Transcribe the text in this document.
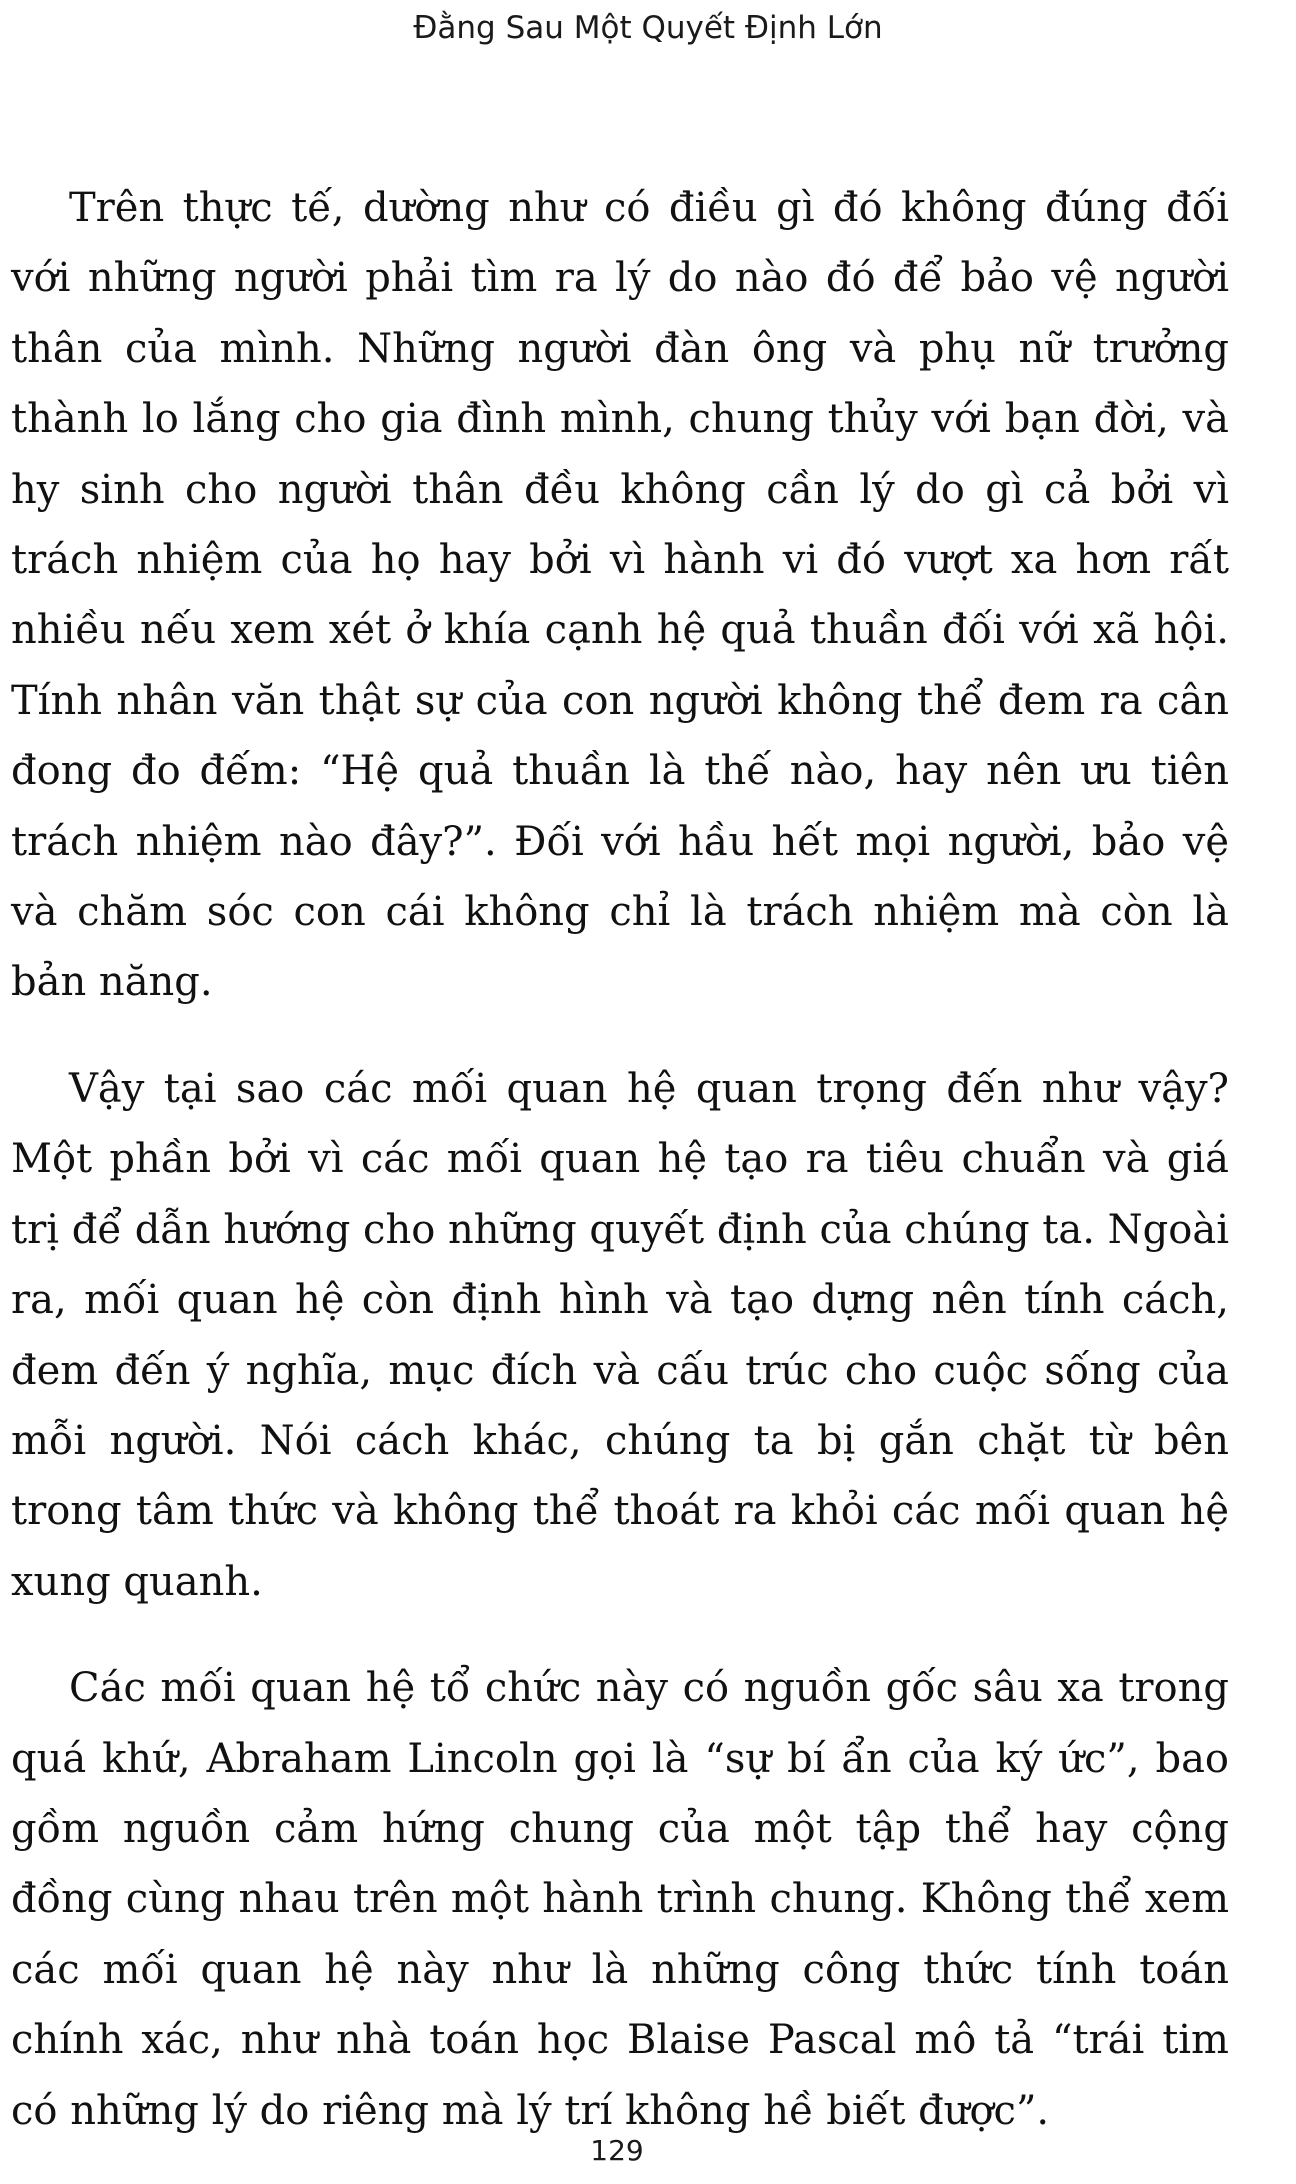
Đằng Sau Một Quyết Định Lớn

Trên thực tế, dường như có điều gì đó không đúng đối với những người phải tìm ra lý do nào đó để bảo vệ người thân của mình. Những người đàn ông và phụ nữ trưởng thành lo lắng cho gia đình mình, chung thủy với bạn đời, và hy sinh cho người thân đều không cần lý do gì cả bởi vì trách nhiệm của họ hay bởi vì hành vi đó vượt xa hơn rất nhiều nếu xem xét ở khía cạnh hệ quả thuần đối với xã hội. Tính nhân văn thật sự của con người không thể đem ra cân đong đo đếm: “Hệ quả thuần là thế nào, hay nên ưu tiên trách nhiệm nào đây?”. Đối với hầu hết mọi người, bảo vệ và chăm sóc con cái không chỉ là trách nhiệm mà còn là bản năng.

Vậy tại sao các mối quan hệ quan trọng đến như vậy? Một phần bởi vì các mối quan hệ tạo ra tiêu chuẩn và giá trị để dẫn hướng cho những quyết định của chúng ta. Ngoài ra, mối quan hệ còn định hình và tạo dựng nên tính cách, đem đến ý nghĩa, mục đích và cấu trúc cho cuộc sống của mỗi người. Nói cách khác, chúng ta bị gắn chặt từ bên trong tâm thức và không thể thoát ra khỏi các mối quan hệ xung quanh.

Các mối quan hệ tổ chức này có nguồn gốc sâu xa trong quá khứ, Abraham Lincoln gọi là “sự bí ẩn của ký ức”, bao gồm nguồn cảm hứng chung của một tập thể hay cộng đồng cùng nhau trên một hành trình chung. Không thể xem các mối quan hệ này như là những công thức tính toán chính xác, như nhà toán học Blaise Pascal mô tả “trái tim có những lý do riêng mà lý trí không hề biết được”.

129
